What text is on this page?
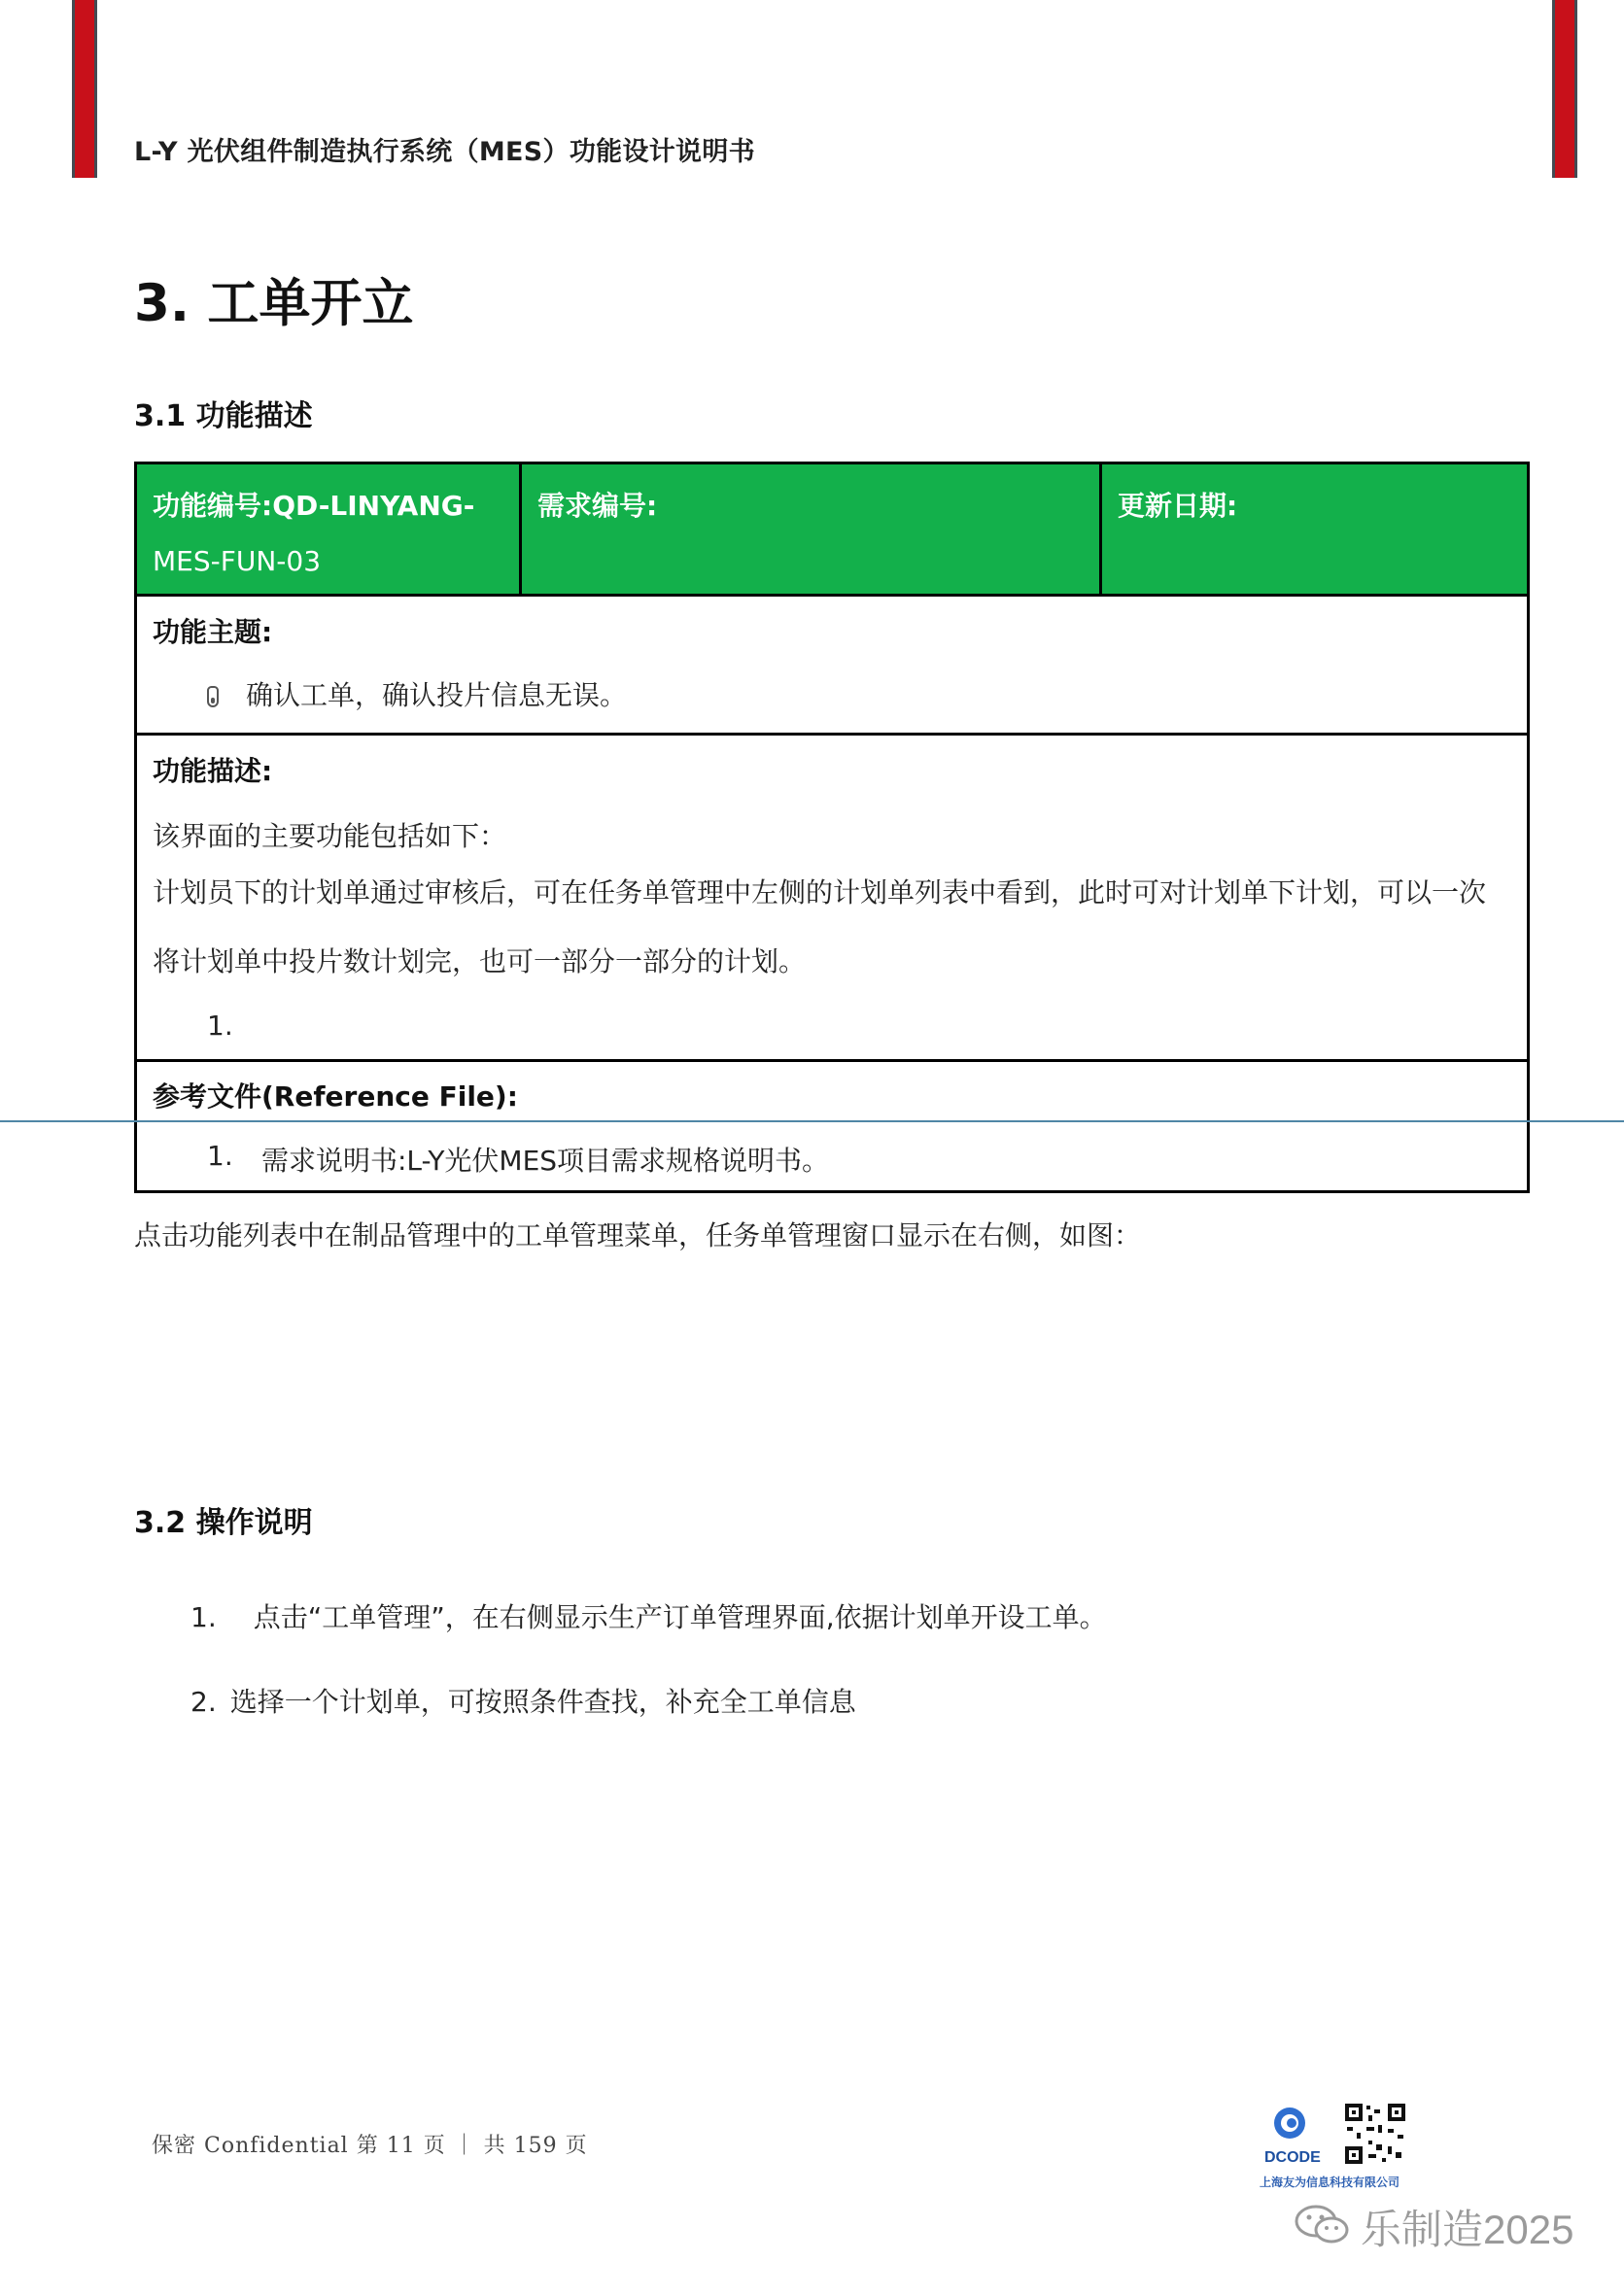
L-Y 光伏组件制造执行系统（MES）功能设计说明书
3. 工单开立
3.1 功能描述
功能编号:QD-LINYANG-
MES-FUN-03
需求编号:	更新日期:
功能主题:
确认工单，确认投片信息无误。
功能描述:
该界面的主要功能包括如下：
计划员下的计划单通过审核后，可在任务单管理中左侧的计划单列表中看到，此时可对计划单下计划，可以一次
将计划单中投片数计划完，也可一部分一部分的计划。
1.
参考文件(Reference File):
1. 需求说明书:L-Y光伏MES项目需求规格说明书。
点击功能列表中在制品管理中的工单管理菜单，任务单管理窗口显示在右侧，如图：
3.2 操作说明
1. 点击“工单管理”，在右侧显示生产订单管理界面,依据计划单开设工单。
2. 选择一个计划单，可按照条件查找，补充全工单信息
保密 Confidential 第 11 页 ｜ 共 159 页	DCODE
上海友为信息科技有限公司
乐制造2025
